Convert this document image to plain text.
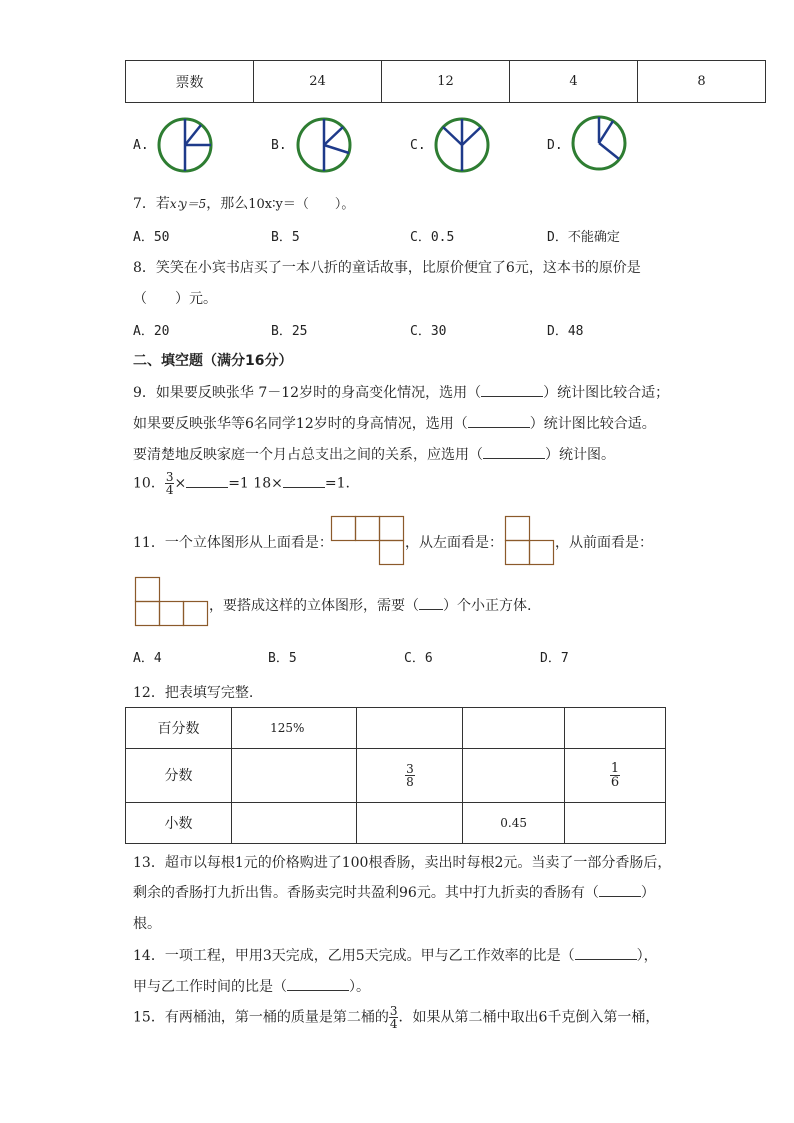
票数	24	12	4	8
A.	B.	C.	D.
7．若x∶y＝5，那么10x∶y＝（　　）。
A．50	B．5	C．0.5	D．不能确定
8．笑笑在小宾书店买了一本八折的童话故事，比原价便宜了6元，这本书的原价是
（　　）元。
A．20	B．25	C．30	D．48
二、填空题（满分16分）
9．如果要反映张华 7－12岁时的身高变化情况，选用（	）统计图比较合适；
如果要反映张华等6名同学12岁时的身高情况，选用（	）统计图比较合适。
要清楚地反映家庭一个月占总支出之间的关系，应选用（	）统计图。
10． $\frac{3}{4}$ ×	=1 18×	=1.
11．一个立体图形从上面看是：	，从左面看是：	，从前面看是：
，要搭成这样的立体图形，需要（ ）个小正方体.
A．4	B．5	C．6	D．7
12．把表填写完整.
百分数	125%			
分数		$\frac{3}{8}$		$\frac{1}{6}$

小数			0.45	
13．超市以每根1元的价格购进了100根香肠，卖出时每根2元。当卖了一部分香肠后，
剩余的香肠打九折出售。香肠卖完时共盈利96元。其中打九折卖的香肠有（	）
根。
14．一项工程，甲用3天完成，乙用5天完成。甲与乙工作效率的比是（	），
甲与乙工作时间的比是（	）。
15．有两桶油，第一桶的质量是第二桶的 $\frac{3}{4}$ ．如果从第二桶中取出6千克倒入第一桶，
